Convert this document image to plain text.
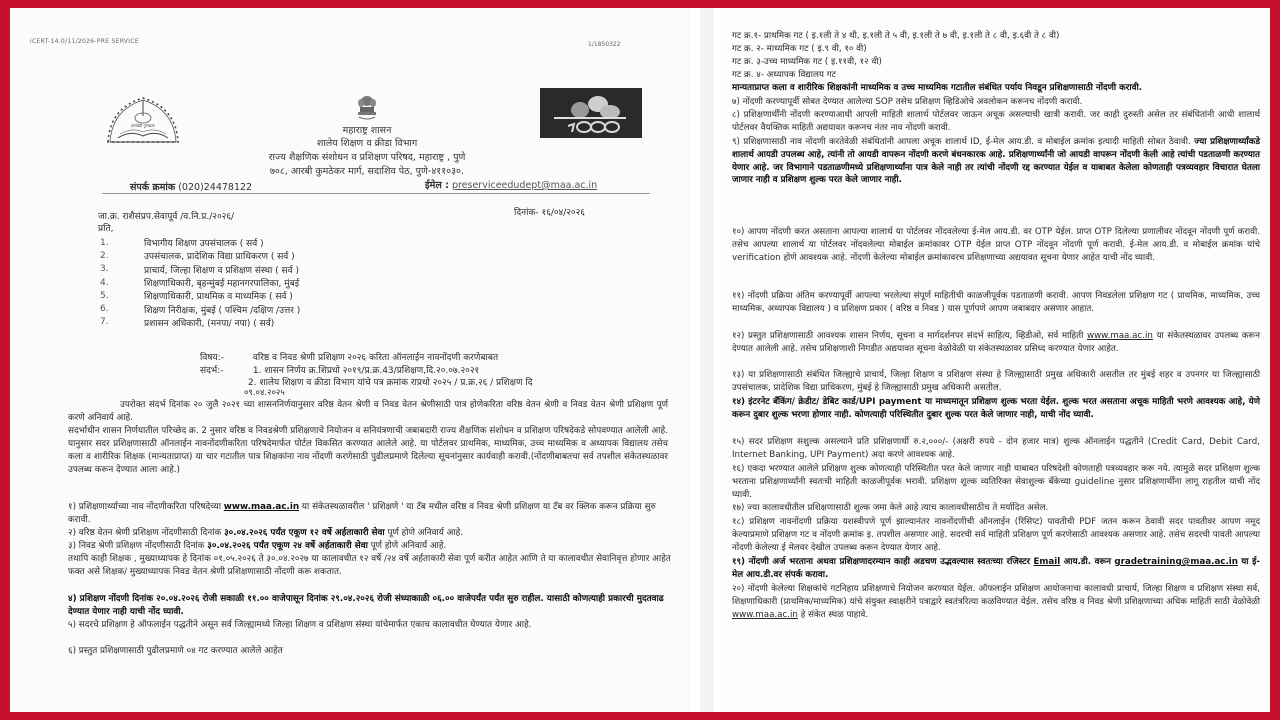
iCERT-14.0/11/2026-PRE SERVICE	1/1850322
ज्ञानदेवी गुणक्रमः	महाराष्ट्र शासन
शालेय शिक्षण व क्रीडा विभाग
राज्य शैक्षणिक संशोधन व प्रशिक्षण परिषद, महाराष्ट्र , पुणे
७०८, आरबी कुमठेकर मार्ग, सदाशिव पेठ, पुणे-४११०३०.
संपर्क क्रमांक (020)24478122	ईमेल : preserviceedudept@maa.ac.in
जा.क्र. राशैसंप्रप.सेवापूर्व /व.नि.प्र./२०२६/	दिनांक- १६/०४/२०२६
प्रति,
1.	विभागीय शिक्षण उपसंचालक ( सर्व )
2.	उपसंचालक, प्रादेशिक विद्या प्राधिकरण ( सर्व )
3.	प्राचार्य, जिल्हा शिक्षण व प्रशिक्षण संस्था ( सर्व )
4.	शिक्षणाधिकारी, बृहन्मुंबई महानगरपालिका, मुंबई
5.	शिक्षणाधिकारी, प्राथमिक व माध्यमिक ( सर्व )
6.	शिक्षण निरीक्षक, मुंबई ( पश्चिम /दक्षिण /उत्तर )
7.	प्रशासन अधिकारी, (मनपा/ नपा) ( सर्व)
विषय:-	वरिष्ठ व निवड श्रेणी प्रशिक्षण २०२६ करिता ऑनलाईन नावनोंदणी करणेबाबत
संदर्भ:-	1. शासन निर्णय क्र.शिप्रधो २०१९/प्र.क्र.43/प्रशिक्षण,दि.२०.०७.२०२१
2. शालेय शिक्षण व क्रीडा विभाग यांचे पत्र क्रमांक राप्रधो २०२५ / प्र.क्र.२६ / प्रशिक्षण दि
०९.०४.२०२५
उपरोक्त संदर्भ दिनांक २० जुलै २०२१ च्या शासननिर्णयानुसार वरिष्ठ वेतन श्रेणी व निवड वेतन श्रेणीसाठी पात्र होणेकरिता वरिष्ठ वेतन श्रेणी व निवड वेतन श्रेणी प्रशिक्षण पूर्ण करणे अनिवार्य आहे.
सदर्भाधीन शासन निर्णयातील परिच्छेद क्र. 2 नुसार वरिष्ठ व निवडश्रेणी प्रशिक्षणाचे नियोजन व सनियंत्रणाची जबाबदारी राज्य शैक्षणिक संशोधन व प्रशिक्षण परिषदेकडे सोपवण्यात आलेली आहे. यानुसार सदर प्रशिक्षणासाठी ऑनलाईन नावनोंदणीकरिता परिषदेमार्फत पोर्टल विकसित करण्यात आलेले आहे. या पोर्टलवर प्राथमिक, माध्यमिक, उच्च माध्यमिक व अध्यापक विद्यालय तसेच कला व शारीरिक शिक्षक (मान्यताप्राप्त) या चार गटातील पात्र शिक्षकांना नाव नोंदणी करणेसाठी पुढीलप्रमाणे दिलेल्या सूचनांनुसार कार्यवाही करावी.(नोंदणीबाबतचा सर्व तपशील संकेतस्थळावर उपलब्ध करून देण्यात आला आहे.)
१) प्रशिक्षणार्थ्याच्या नाव नोंदणीकरिता परिषदेच्या www.maa.ac.in या संकेतस्थळावरील ' प्रशिक्षणे ' या टॅब मधील वरिष्ठ व निवड श्रेणी प्रशिक्षण या टॅब वर क्लिक करून प्रक्रिया सुरु करावी.
२) वरिष्ठ वेतन श्रेणी प्रशिक्षण नोंदणीसाठी दिनांक ३०.०४.२०२६ पर्यंत एकूण १२ वर्षे अर्हताकारी सेवा पूर्ण होणे अनिवार्य आहे.
३) निवड श्रेणी प्रशिक्षण नोंदणीसाठी दिनांक ३०.०४.२०२६ पर्यंत एकूण २४ वर्षे अर्हताकारी सेवा पूर्ण होणे अनिवार्य आहे.
तथापि काही शिक्षक , मुख्याध्यापक हे दिनांक ०१.०५.२०२६ ते ३०.०४.२०२७ या कालावधीत १२ वर्षे /२४ वर्षे अर्हताकारी सेवा पूर्ण करीत आहेत आणि ते या कालावधीत सेवानिवृत्त होणार आहेत फक्त असे शिक्षक/ मुख्याध्यापक निवड वेतन श्रेणी प्रशिक्षणासाठी नोंदणी करू शकतात.
४) प्रशिक्षण नोंदणी दिनांक २०.०४.२०२६ रोजी सकाळी ११.०० वाजेपासून दिनांक २९.०४.२०२६ रोजी संध्याकाळी ०६.०० वाजेपर्यंत पर्यंत सुरु राहील. यासाठी कोणत्याही प्रकारची मुदतवाढ देण्यात येणार नाही याची नोंद घ्यावी.
५) सदरचे प्रशिक्षण हे ऑफलाईन पद्धतीने असून सर्व जिल्ह्यामध्ये जिल्हा शिक्षण व प्रशिक्षण संस्था यांचेमार्फत एकाच कालावधीत घेण्यात येणार आहे.
६) प्रस्तुत प्रशिक्षणासाठी पुढीलप्रमाणे ०४ गट करण्यात आलेले आहेत
गट क्र.१- प्राथमिक गट ( इ.१ली ते ४ थी, इ.१ली ते ५ वी, इ.१ली ते ७ वी, इ.१ली ते ८ वी, इ.६वी ते ८ वी)
गट क्र. २- माध्यमिक गट ( इ.९ वी, १० वी)
गट क्र. ३-उच्च माध्यमिक गट ( इ.११वी, १२ वी)
गट क्र. ४- अध्यापक विद्यालय गट
मान्यताप्राप्त कला व शारीरिक शिक्षकांनी माध्यमिक व उच्च माध्यमिक गटातील संबंधित पर्याय निवडून प्रशिक्षणासाठी नोंदणी करावी.
७) नोंदणी करण्यापूर्वी सोबत देण्यात आलेल्या SOP तसेच प्रशिक्षण व्हिडिओचे अवलोकन करूनच नोंदणी करावी.
८) प्रशिक्षणार्थींनी नोंदणी करण्याआधी आपली माहिती शालार्थ पोर्टलवर जाऊन अचूक असल्याची खात्री करावी. जर काही दुरुस्ती असेल तर संबंधितांनी आधी शालार्थ पोर्टलवर वैयक्तिक माहिती अद्ययावत करूनच नंतर नाव नोंदणी करावी.
९) प्रशिक्षणासाठी नाव नोंदणी करतेवेळी संबंधितांनी आपला अचूक शालार्थ ID, ई-मेल आय.डी. व मोबाईल क्रमांक इत्यादी माहिती सोबत ठेवावी. ज्या प्रशिक्षणार्थ्यांकडे शालार्थ आयडी उपलब्ध आहे, त्यांनी तो आयडी वापरून नोंदणी करणे बंधनकारक आहे. प्रशिक्षणार्थ्यांनी जो आयडी वापरून नोंदणी केली आहे त्यांची पडताळणी करण्यात येणार आहे. जर विभागाने पडताळणीमध्ये प्रशिक्षणार्थ्यांना पात्र केले नाही तर त्यांची नोंदणी रद्द करण्यात येईल व याबाबत केलेला कोणताही पत्रव्यवहार विचारात घेतला जाणार नाही व प्रशिक्षण शुल्क परत केले जाणार नाही.
१०) आपण नोंदणी करत असताना आपल्या शालार्थ या पोर्टलवर नोंदवलेल्या ई-मेल आय.डी. वर OTP येईल. प्राप्त OTP दिलेल्या प्रणालीवर नोंदवून नोंदणी पूर्ण करावी. तसेच आपल्या शालार्थ या पोर्टलवर नोंदवलेल्या मोबाईल क्रमांकावर OTP येईल प्राप्त OTP नोंदवून नोंदणी पूर्ण करावी. ई-मेल आय.डी. व मोबाईल क्रमांक यांचे verification होणे आवश्यक आहे. नोंदणी केलेल्या मोबाईल क्रमांकावरच प्रशिक्षणाच्या अद्ययावत सूचना येणार आहेत याची नोंद घ्यावी.
११) नोंदणी प्रक्रिया अंतिम करण्यापूर्वी आपल्या भरलेल्या संपूर्ण माहितीची काळजीपूर्वक पडताळणी करावी. आपण निवडलेला प्रशिक्षण गट ( प्राथमिक, माध्यमिक, उच्च माध्यमिक, अध्यापक विद्यालय ) व प्रशिक्षण प्रकार ( वरिष्ठ व निवड ) यास पूर्णपणे आपण जबाबदार असणार आहात.
१२) प्रस्तुत प्रशिक्षणासाठी आवश्यक शासन निर्णय, सूचना व मार्गदर्शनपर संदर्भ साहित्य, व्हिडीओ, सर्व माहिती www.maa.ac.in या संकेतस्थळावर उपलब्ध करून देण्यात आलेली आहे. तसेच प्रशिक्षणाशी निगडीत अद्ययावत सूचना वेळोवेळी या संकेतस्थळावर प्रसिध्द करण्यात येणार आहेत.
१३) या प्रशिक्षणासाठी संबंधित जिल्ह्याचे प्राचार्य, जिल्हा शिक्षण व प्रशिक्षण संस्था हे जिल्ह्यासाठी प्रमुख अधिकारी असतील तर मुंबई शहर व उपनगर या जिल्ह्यासाठी उपसंचालक, प्रादेशिक विद्या प्राधिकरण, मुंबई हे जिल्ह्यासाठी प्रमुख अधिकारी असतील.
१४) इंटरनेट बँकिंग/ क्रेडीट/ डेबिट कार्ड/UPI payment या माध्यमातून प्रशिक्षण शुल्क भरता येईल. शुल्क भरत असताना अचूक माहिती भरणे आवश्यक आहे, येणे करून दुबार शुल्क भरणा होणार नाही. कोणत्याही परिस्थितीत दुबार शुल्क परत केले जाणार नाही, याची नोंद घ्यावी.
१५) सदर प्रशिक्षण सशुल्क असल्याने प्रति प्रशिक्षणार्थी रु.२,०००/- (अक्षरी रुपये - दोन हजार मात्र) शुल्क ऑनलाईन पद्धतीने (Credit Card, Debit Card, Internet Banking, UPI Payment) अदा करणे आवश्यक आहे.
१६) एकदा भरण्यात आलेले प्रशिक्षण शुल्क कोणत्याही परिस्थितीत परत केले जाणार नाही याबाबत परिषदेशी कोणताही पत्रव्यवहार करू नये. त्यामुळे सदर प्रशिक्षण शुल्क भरताना प्रशिक्षणार्थ्यांनी स्वतःची माहिती काळजीपूर्वक भरावी. प्रशिक्षण शुल्क व्यतिरिक्त सेवाशुल्क बँकेच्या guideline नुसार प्रशिक्षणार्थींना लागू राहतील याची नोंद घ्यावी.
१७) ज्या कालावधीतील प्रशिक्षणासाठी शुल्क जमा केले आहे त्याच कालावधीसाठीच ते मर्यादित असेल.
१८) प्रशिक्षण नावनोंदणी प्रक्रिया यशस्वीपणे पूर्ण झाल्यानंतर नावनोंदणीची ऑनलाईन (रिसिप्ट) पावतीची PDF जतन करून ठेवावी सदर पावतीवर आपण नमूद केल्याप्रमाणे प्रशिक्षण गट व नोंदणी क्रमांक इ. तपशील असणार आहे. सदरची सर्व माहिती प्रशिक्षण पूर्ण करणेसाठी आवश्यक असणार आहे. तसेच सदरची पावती आपल्या नोंदणी केलेल्या ई मेलवर देखील उपलब्ध करून देण्यात येणार आहे.
१९) नोंदणी अर्ज भरताना अथवा प्रशिक्षणादरम्यान काही अडचण उद्भवल्यास स्वतःच्या रजिस्टर Email आय.डी. वरून gradetraining@maa.ac.in या ई- मेल आय.डी.वर संपर्क करावा.
२०) नोंदणी केलेल्या शिक्षकांचे गटनिहाय प्रशिक्षणाचे नियोजन करण्यात येईल. ऑफलाईन प्रशिक्षण आयोजनाचा कालावधी प्राचार्य, जिल्हा शिक्षण व प्रशिक्षण संस्था सर्व, शिक्षणाधिकारी (प्राथमिक/माध्यमिक) यांचे संयुक्त स्वाक्षरीने पत्राद्वारे स्वतंत्ररित्या कळविण्यात येईल. तसेच वरिष्ठ व निवड श्रेणी प्रशिक्षणाच्या अधिक माहिती साठी वेळोवेळी www.maa.ac.in हे संकेत स्थळ पाहावे.
